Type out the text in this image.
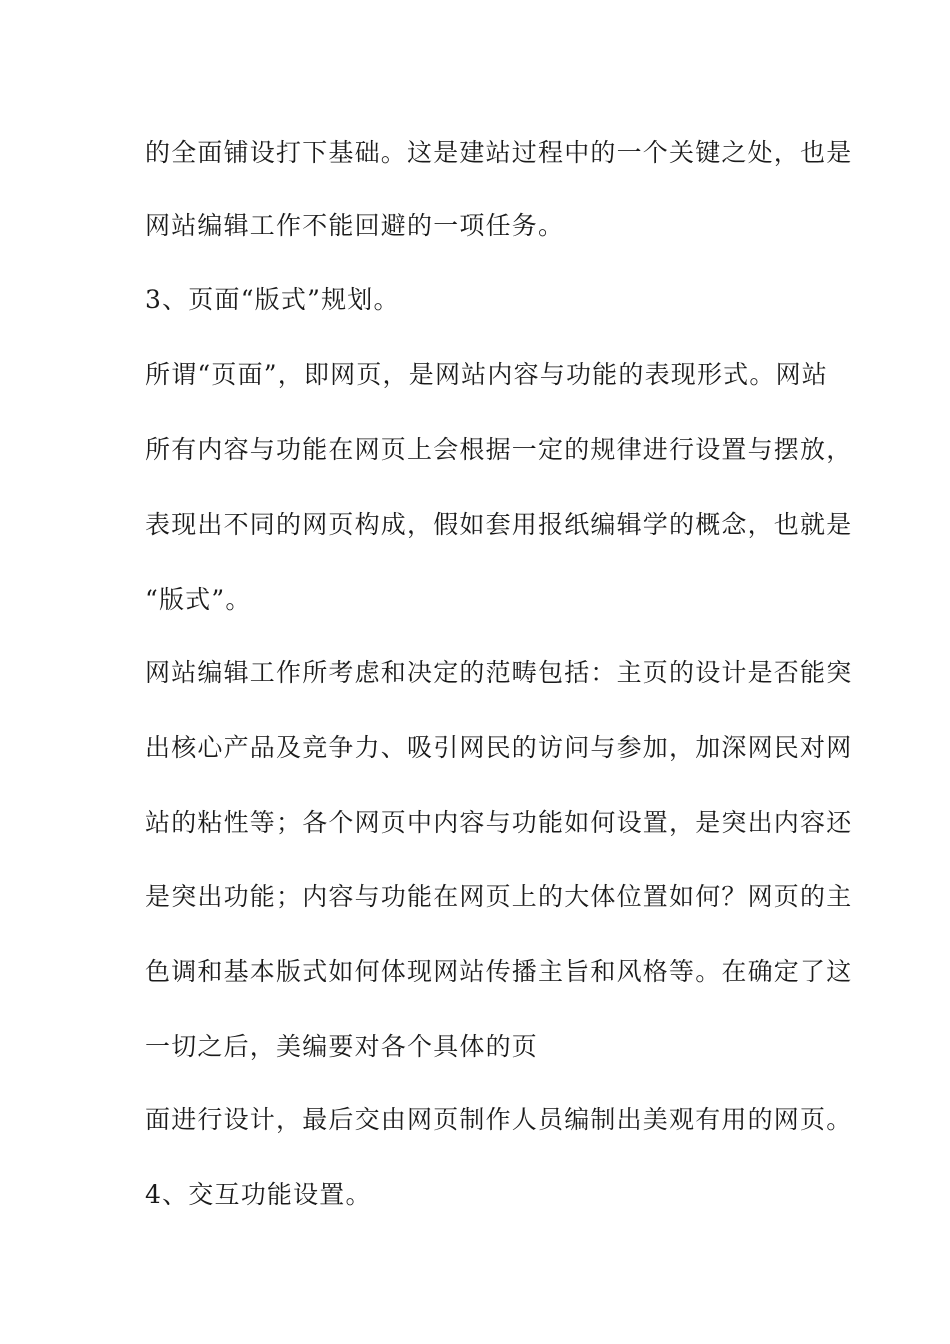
的全面铺设打下基础。这是建站过程中的一个关键之处，也是
网站编辑工作不能回避的一项任务。
3、页面“版式”规划。
所谓“页面”，即网页，是网站内容与功能的表现形式。网站
所有内容与功能在网页上会根据一定的规律进行设置与摆放，
表现出不同的网页构成，假如套用报纸编辑学的概念，也就是
“版式”。
网站编辑工作所考虑和决定的范畴包括：主页的设计是否能突
出核心产品及竞争力、吸引网民的访问与参加，加深网民对网
站的粘性等；各个网页中内容与功能如何设置，是突出内容还
是突出功能；内容与功能在网页上的大体位置如何？网页的主
色调和基本版式如何体现网站传播主旨和风格等。在确定了这
一切之后，美编要对各个具体的页
面进行设计，最后交由网页制作人员编制出美观有用的网页。
4、交互功能设置。
